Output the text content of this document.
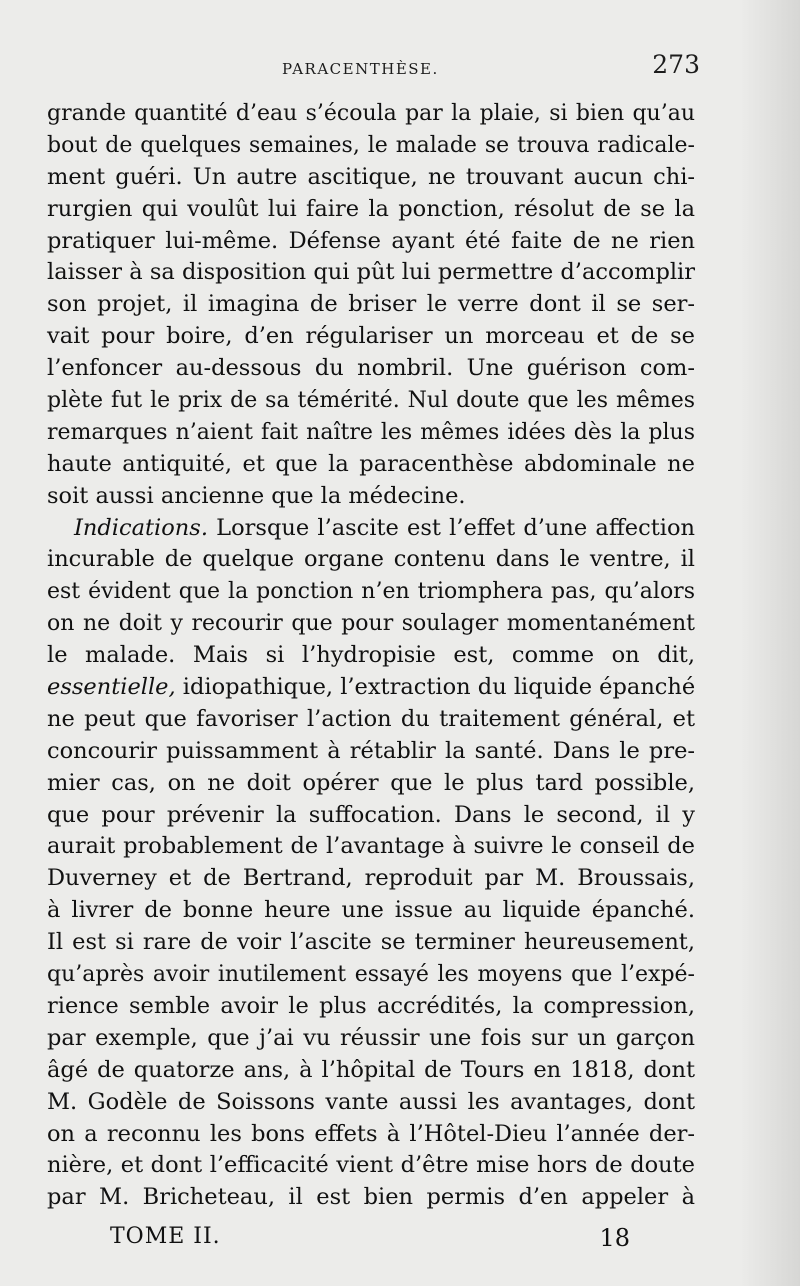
PARACENTHÈSE.	273
grande quantité d’eau s’écoula par la plaie, si bien qu’au
bout de quelques semaines, le malade se trouva radicale-
ment guéri. Un autre ascitique, ne trouvant aucun chi-
rurgien qui voulût lui faire la ponction, résolut de se la
pratiquer lui-même. Défense ayant été faite de ne rien
laisser à sa disposition qui pût lui permettre d’accomplir
son projet, il imagina de briser le verre dont il se ser-
vait pour boire, d’en régulariser un morceau et de se
l’enfoncer au-dessous du nombril. Une guérison com-
plète fut le prix de sa témérité. Nul doute que les mêmes
remarques n’aient fait naître les mêmes idées dès la plus
haute antiquité, et que la paracenthèse abdominale ne
soit aussi ancienne que la médecine.
Indications. Lorsque l’ascite est l’effet d’une affection
incurable de quelque organe contenu dans le ventre, il
est évident que la ponction n’en triomphera pas, qu’alors
on ne doit y recourir que pour soulager momentanément
le malade. Mais si l’hydropisie est, comme on dit,
essentielle, idiopathique, l’extraction du liquide épanché
ne peut que favoriser l’action du traitement général, et
concourir puissamment à rétablir la santé. Dans le pre-
mier cas, on ne doit opérer que le plus tard possible,
que pour prévenir la suffocation. Dans le second, il y
aurait probablement de l’avantage à suivre le conseil de
Duverney et de Bertrand, reproduit par M. Broussais,
à livrer de bonne heure une issue au liquide épanché.
Il est si rare de voir l’ascite se terminer heureusement,
qu’après avoir inutilement essayé les moyens que l’expé-
rience semble avoir le plus accrédités, la compression,
par exemple, que j’ai vu réussir une fois sur un garçon
âgé de quatorze ans, à l’hôpital de Tours en 1818, dont
M. Godèle de Soissons vante aussi les avantages, dont
on a reconnu les bons effets à l’Hôtel-Dieu l’année der-
nière, et dont l’efficacité vient d’être mise hors de doute
par M. Bricheteau, il est bien permis d’en appeler à
TOME II.	18
